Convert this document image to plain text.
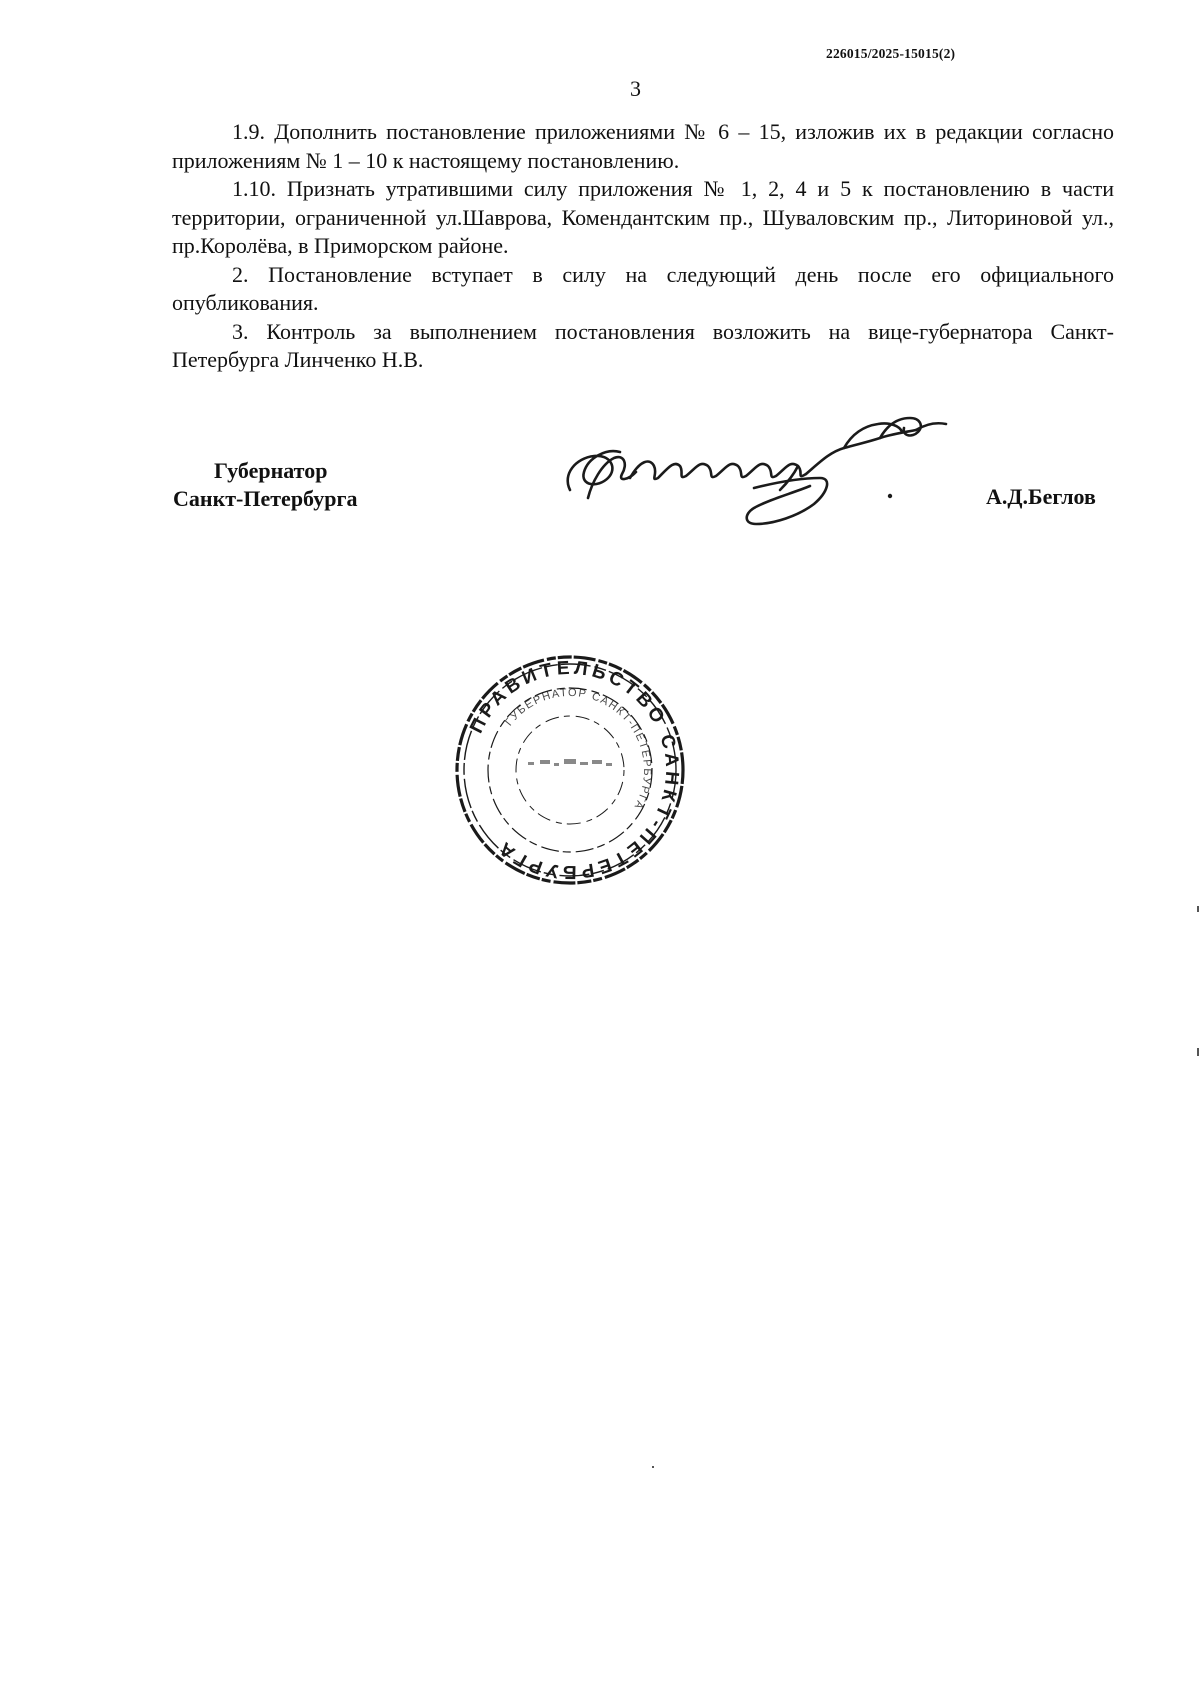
226015/2025-15015(2)
3

1.9. Дополнить постановление приложениями № 6 – 15, изложив их в редакции согласно приложениям № 1 – 10 к настоящему постановлению.

1.10. Признать утратившими силу приложения № 1, 2, 4 и 5 к постановлению в части территории, ограниченной ул.Шаврова, Комендантским пр., Шуваловским пр., Литориновой ул., пр.Королёва, в Приморском районе.

2. Постановление вступает в силу на следующий день после его официального опубликования.

3. Контроль за выполнением постановления возложить на вице-губернатора Санкт-Петербурга Линченко Н.В.

Губернатор
Санкт-Петербурга	А.Д.Беглов
ПРАВИТЕЛЬСТВО САНКТ-ПЕТЕРБУРГА
ГУБЕРНАТОР САНКТ-ПЕТЕРБУРГА
